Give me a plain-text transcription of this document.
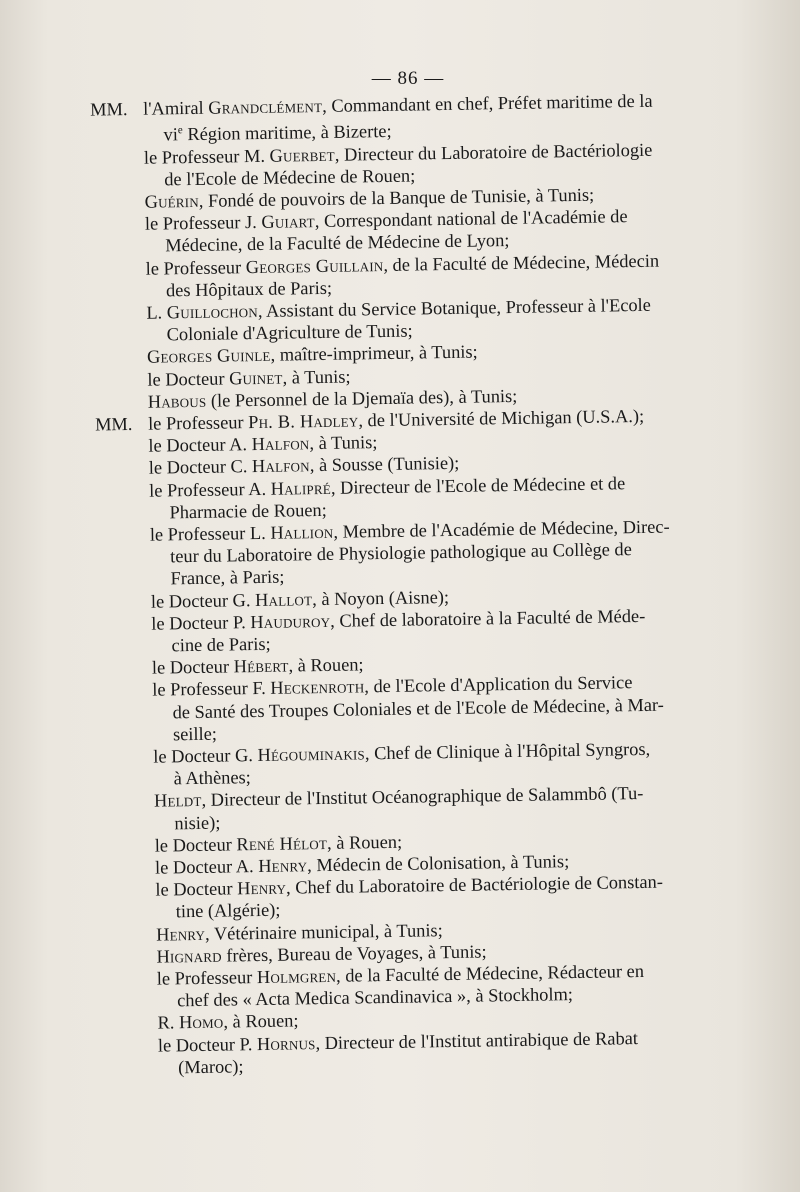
— 86 —
MM. l'Amiral Grandclément, Commandant en chef, Préfet maritime de la
$vi^e$ Région maritime, à Bizerte;
le Professeur M. Guerbet, Directeur du Laboratoire de Bactériologie
de l'Ecole de Médecine de Rouen;
Guérin, Fondé de pouvoirs de la Banque de Tunisie, à Tunis;
le Professeur J. Guiart, Correspondant national de l'Académie de
Médecine, de la Faculté de Médecine de Lyon;
le Professeur Georges Guillain, de la Faculté de Médecine, Médecin
des Hôpitaux de Paris;
L. Guillochon, Assistant du Service Botanique, Professeur à l'Ecole
Coloniale d'Agriculture de Tunis;
Georges Guinle, maître-imprimeur, à Tunis;
le Docteur Guinet, à Tunis;
Habous (le Personnel de la Djemaïa des), à Tunis;
MM. le Professeur Ph. B. Hadley, de l'Université de Michigan (U.S.A.);
le Docteur A. Halfon, à Tunis;
le Docteur C. Halfon, à Sousse (Tunisie);
le Professeur A. Halipré, Directeur de l'Ecole de Médecine et de
Pharmacie de Rouen;
le Professeur L. Hallion, Membre de l'Académie de Médecine, Direc-
teur du Laboratoire de Physiologie pathologique au Collège de
France, à Paris;
le Docteur G. Hallot, à Noyon (Aisne);
le Docteur P. Hauduroy, Chef de laboratoire à la Faculté de Méde-
cine de Paris;
le Docteur Hébert, à Rouen;
le Professeur F. Heckenroth, de l'Ecole d'Application du Service
de Santé des Troupes Coloniales et de l'Ecole de Médecine, à Mar-
seille;
le Docteur G. Hégouminakis, Chef de Clinique à l'Hôpital Syngros,
à Athènes;
Heldt, Directeur de l'Institut Océanographique de Salammbô (Tu-
nisie);
le Docteur René Hélot, à Rouen;
le Docteur A. Henry, Médecin de Colonisation, à Tunis;
le Docteur Henry, Chef du Laboratoire de Bactériologie de Constan-
tine (Algérie);
Henry, Vétérinaire municipal, à Tunis;
Hignard frères, Bureau de Voyages, à Tunis;
le Professeur Holmgren, de la Faculté de Médecine, Rédacteur en
chef des « Acta Medica Scandinavica », à Stockholm;
R. Homo, à Rouen;
le Docteur P. Hornus, Directeur de l'Institut antirabique de Rabat
(Maroc);
